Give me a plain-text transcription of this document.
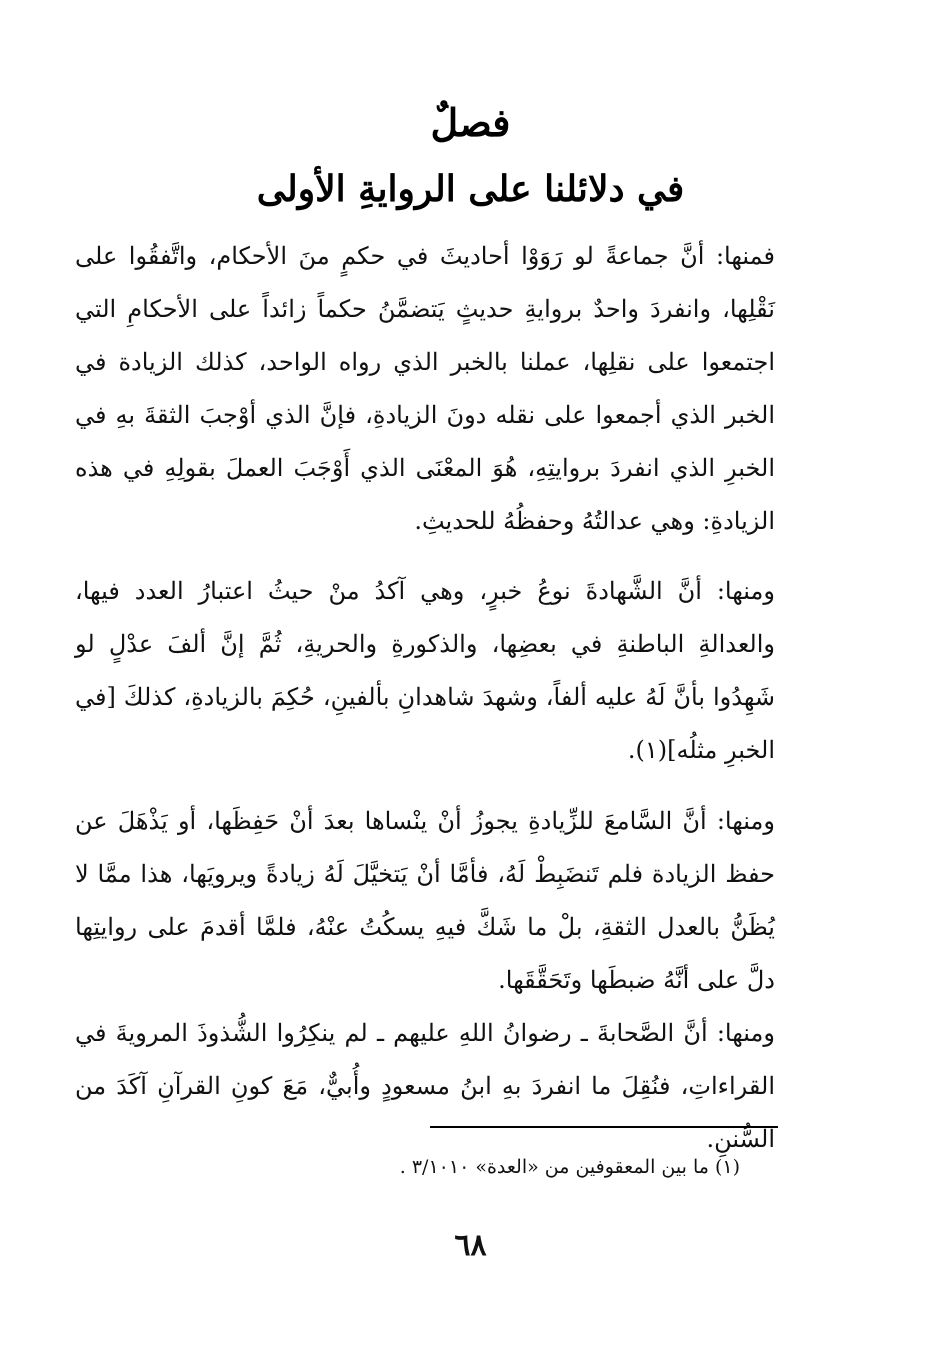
فصلٌ
في دلائلنا على الروايةِ الأولى
فمنها: أنَّ جماعةً لو رَوَوْا أحاديثَ في حكمٍ منَ الأحكام، واتَّفقُوا على نَقْلِها، وانفردَ واحدٌ بروايةِ حديثٍ يَتضمَّنُ حكماً زائداً على الأحكامِ التي اجتمعوا على نقلِها، عملنا بالخبر الذي رواه الواحد، كذلك الزيادة في الخبر الذي أجمعوا على نقله دونَ الزيادةِ، فإنَّ الذي أوْجبَ الثقةَ بهِ في الخبرِ الذي انفردَ بروايتِهِ، هُوَ المعْنَى الذي أَوْجَبَ العملَ بقولِهِ في هذه الزيادةِ: وهي عدالتُهُ وحفظُهُ للحديثِ.
ومنها: أنَّ الشَّهادةَ نوعُ خبرٍ، وهي آكدُ منْ حيثُ اعتبارُ العدد فيها، والعدالةِ الباطنةِ في بعضِها، والذكورةِ والحريةِ، ثُمَّ إنَّ ألفَ عدْلٍ لو شَهِدُوا بأنَّ لَهُ عليه ألفاً، وشهدَ شاهدانِ بألفينِ، حُكِمَ بالزيادةِ، كذلكَ [في الخبرِ مثلُه](١).
ومنها: أنَّ السَّامعَ للزِّيادةِ يجوزُ أنْ ينْساها بعدَ أنْ حَفِظَها، أو يَذْهَلَ عن حفظ الزيادة فلم تَنضَبِطْ لَهُ، فأمَّا أنْ يَتخيَّلَ لَهُ زيادةً ويرويَها، هذا ممَّا لا يُظَنُّ بالعدل الثقةِ، بلْ ما شَكَّ فيهِ يسكُتُ عنْهُ، فلمَّا أقدمَ على روايتِها دلَّ على أنَّهُ ضبطَها وتَحَقَّقَها.
ومنها: أنَّ الصَّحابةَ ـ رضوانُ اللهِ عليهم ـ لم ينكِرُوا الشُّذوذَ المرويةَ في القراءاتِ، فنُقِلَ ما انفردَ بهِ ابنُ مسعودٍ وأُبيٌّ، مَعَ كونِ القرآنِ آكَدَ من السُّننِ.
(١) ما بين المعقوفين من «العدة» ٣/١٠١٠ .
٦٨
